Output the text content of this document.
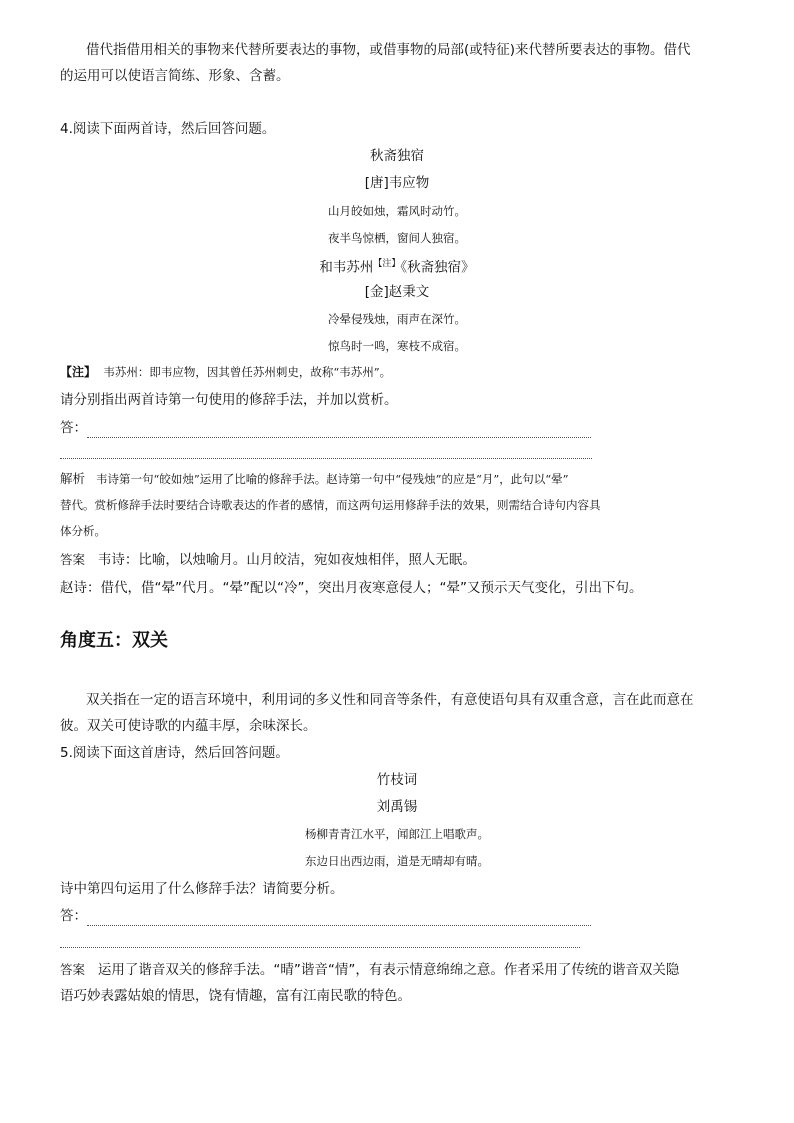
借代指借用相关的事物来代替所要表达的事物，或借事物的局部(或特征)来代替所要表达的事物。借代

的运用可以使语言简练、形象、含蓄。

4.阅读下面两首诗，然后回答问题。

秋斋独宿

[唐]韦应物

山月皎如烛，霜风时动竹。

夜半鸟惊栖，窗间人独宿。

和韦苏州$^{【注】}$《秋斋独宿》

[金]赵秉文

冷晕侵残烛，雨声在深竹。

惊鸟时一鸣，寒枝不成宿。

【注】 韦苏州：即韦应物，因其曾任苏州刺史，故称“韦苏州”。

请分别指出两首诗第一句使用的修辞手法，并加以赏析。

答：

解析 韦诗第一句“皎如烛”运用了比喻的修辞手法。赵诗第一句中“侵残烛”的应是“月”，此句以“晕”

替代。赏析修辞手法时要结合诗歌表达的作者的感情，而这两句运用修辞手法的效果，则需结合诗句内容具

体分析。

答案 韦诗：比喻，以烛喻月。山月皎洁，宛如夜烛相伴，照人无眠。

赵诗：借代，借“晕”代月。“晕”配以“冷”，突出月夜寒意侵人；“晕”又预示天气变化，引出下句。

角度五：双关

双关指在一定的语言环境中，利用词的多义性和同音等条件，有意使语句具有双重含意，言在此而意在

彼。双关可使诗歌的内蕴丰厚，余味深长。

5.阅读下面这首唐诗，然后回答问题。

竹枝词

刘禹锡

杨柳青青江水平，闻郎江上唱歌声。

东边日出西边雨，道是无晴却有晴。

诗中第四句运用了什么修辞手法？请简要分析。

答：

答案 运用了谐音双关的修辞手法。“晴”谐音“情”，有表示情意绵绵之意。作者采用了传统的谐音双关隐

语巧妙表露姑娘的情思，饶有情趣，富有江南民歌的特色。
